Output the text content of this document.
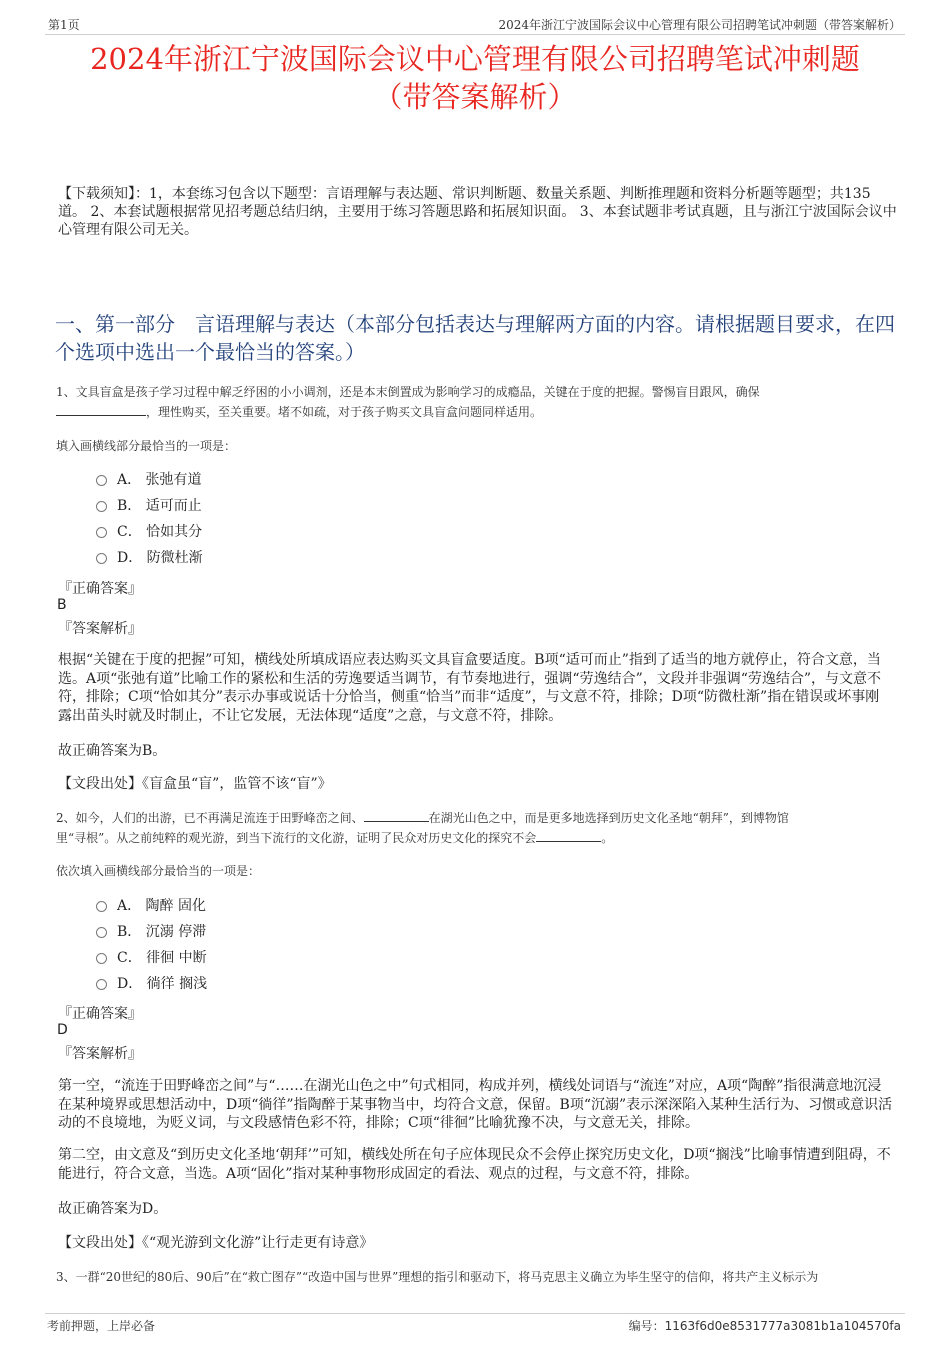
第1页	2024年浙江宁波国际会议中心管理有限公司招聘笔试冲刺题（带答案解析）
2024年浙江宁波国际会议中心管理有限公司招聘笔试冲刺题
（带答案解析）
【下载须知】：1，本套练习包含以下题型：言语理解与表达题、常识判断题、数量关系题、判断推理题和资料分析题等题型；共135道。 2、本套试题根据常见招考题总结归纳，主要用于练习答题思路和拓展知识面。 3、本套试题非考试真题，且与浙江宁波国际会议中心管理有限公司无关。
一、第一部分　言语理解与表达（本部分包括表达与理解两方面的内容。请根据题目要求，在四个选项中选出一个最恰当的答案。）
1、文具盲盒是孩子学习过程中解乏纾困的小小调剂，还是本末倒置成为影响学习的成瘾品，关键在于度的把握。警惕盲目跟风，确保
，理性购买，至关重要。堵不如疏，对于孩子购买文具盲盒问题同样适用。
填入画横线部分最恰当的一项是：
A． 张弛有道
B． 适可而止
C． 恰如其分
D． 防微杜渐
『正确答案』
B
『答案解析』
根据“关键在于度的把握”可知，横线处所填成语应表达购买文具盲盒要适度。B项“适可而止”指到了适当的地方就停止，符合文意，当选。A项“张弛有道”比喻工作的紧松和生活的劳逸要适当调节，有节奏地进行，强调“劳逸结合”，文段并非强调“劳逸结合”，与文意不符，排除；C项“恰如其分”表示办事或说话十分恰当，侧重“恰当”而非“适度”，与文意不符，排除；D项“防微杜渐”指在错误或坏事刚露出苗头时就及时制止，不让它发展，无法体现“适度”之意，与文意不符，排除。
故正确答案为B。
【文段出处】《盲盒虽“盲”，监管不该“盲”》
2、如今，人们的出游，已不再满足流连于田野峰峦之间、	在湖光山色之中，而是更多地选择到历史文化圣地“朝拜”，到博物馆
里“寻根”。从之前纯粹的观光游，到当下流行的文化游，证明了民众对历史文化的探究不会	。
依次填入画横线部分最恰当的一项是：
A． 陶醉 固化
B． 沉溺 停滞
C． 徘徊 中断
D． 徜徉 搁浅
『正确答案』
D
『答案解析』
第一空，“流连于田野峰峦之间”与“……在湖光山色之中”句式相同，构成并列，横线处词语与“流连”对应，A项“陶醉”指很满意地沉浸在某种境界或思想活动中，D项“徜徉”指陶醉于某事物当中，均符合文意，保留。B项“沉溺”表示深深陷入某种生活行为、习惯或意识活动的不良境地，为贬义词，与文段感情色彩不符，排除；C项“徘徊”比喻犹豫不决，与文意无关，排除。
第二空，由文意及“到历史文化圣地‘朝拜’”可知，横线处所在句子应体现民众不会停止探究历史文化，D项“搁浅”比喻事情遭到阻碍，不能进行，符合文意，当选。A项“固化”指对某种事物形成固定的看法、观点的过程，与文意不符，排除。
故正确答案为D。
【文段出处】《“观光游到文化游”让行走更有诗意》
3、一群“20世纪的80后、90后”在“救亡图存”“改造中国与世界”理想的指引和驱动下，将马克思主义确立为毕生坚守的信仰，将共产主义标示为
考前押题，上岸必备	编号：1163f6d0e8531777a3081b1a104570fa
